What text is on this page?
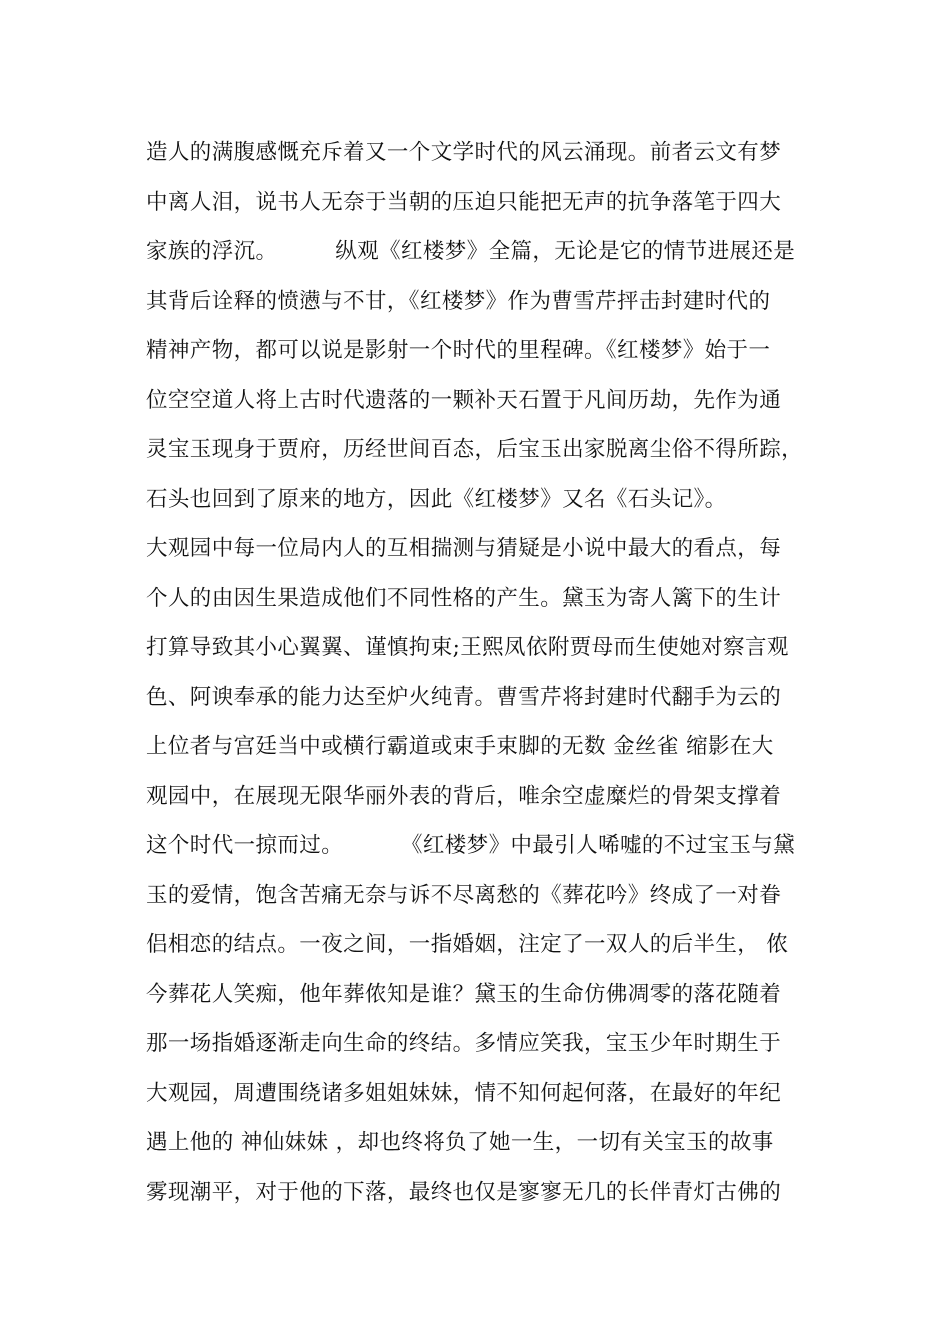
造人的满腹感慨充斥着又一个文学时代的风云涌现。前者云文有梦
中离人泪，说书人无奈于当朝的压迫只能把无声的抗争落笔于四大
家族的浮沉。        纵观《红楼梦》全篇，无论是它的情节进展还是
其背后诠释的愤懑与不甘，《红楼梦》作为曹雪芹抨击封建时代的
精神产物，都可以说是影射一个时代的里程碑。《红楼梦》始于一
位空空道人将上古时代遗落的一颗补天石置于凡间历劫，先作为通
灵宝玉现身于贾府，历经世间百态，后宝玉出家脱离尘俗不得所踪，
石头也回到了原来的地方，因此《红楼梦》又名《石头记》。
大观园中每一位局内人的互相揣测与猜疑是小说中最大的看点，每
个人的由因生果造成他们不同性格的产生。黛玉为寄人篱下的生计
打算导致其小心翼翼、谨慎拘束;王熙凤依附贾母而生使她对察言观
色、阿谀奉承的能力达至炉火纯青。曹雪芹将封建时代翻手为云的
上位者与宫廷当中或横行霸道或束手束脚的无数 金丝雀 缩影在大
观园中，在展现无限华丽外表的背后，唯余空虚糜烂的骨架支撑着
这个时代一掠而过。        《红楼梦》中最引人唏嘘的不过宝玉与黛
玉的爱情，饱含苦痛无奈与诉不尽离愁的《葬花吟》终成了一对眷
侣相恋的结点。一夜之间，一指婚姻，注定了一双人的后半生， 侬
今葬花人笑痴，他年葬侬知是谁？黛玉的生命仿佛凋零的落花随着
那一场指婚逐渐走向生命的终结。多情应笑我，宝玉少年时期生于
大观园，周遭围绕诸多姐姐妹妹，情不知何起何落，在最好的年纪
遇上他的 神仙妹妹 ，却也终将负了她一生，一切有关宝玉的故事
雾现潮平，对于他的下落，最终也仅是寥寥无几的长伴青灯古佛的
